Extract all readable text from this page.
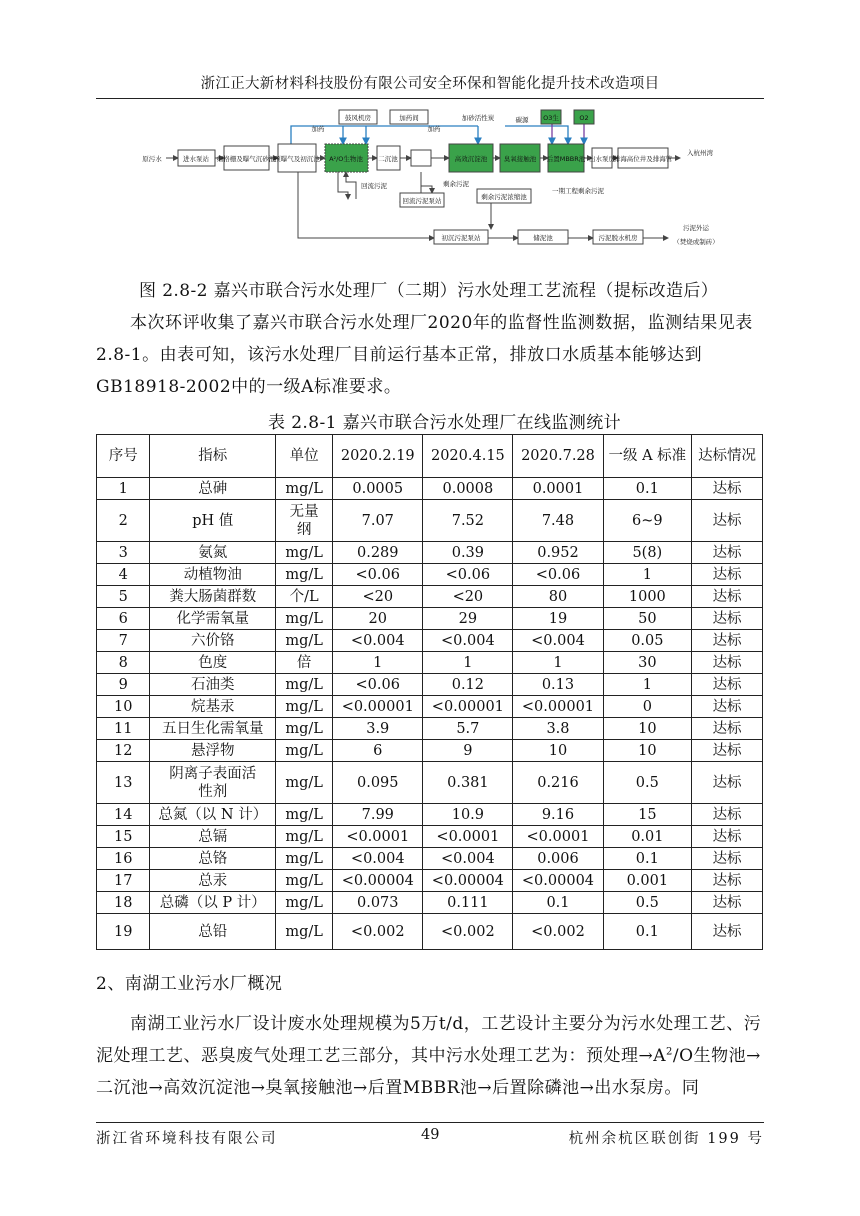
浙江正大新材料科技股份有限公司安全环保和智能化提升技术改造项目
原污水	进水泵站 细格栅及曝气沉砂池 预曝气及初沉池 A²/O生物池 二沉池	高效沉淀池	臭氧接触池 后置MBBR池 出水泵房
排海高位井及排海管
入杭州湾
鼓风机房	加药间
加药	加药
加砂活性炭	碳源 O3生	O2
回流污泥
回流污泥泵站
剩余污泥
剩余污泥浓缩池
一期工程剩余污泥
初沉污泥泵站	储泥池	污泥脱水机房
污泥外运
（焚烧或制砖）
图 2.8-2 嘉兴市联合污水处理厂（二期）污水处理工艺流程（提标改造后）
本次环评收集了嘉兴市联合污水处理厂2020年的监督性监测数据，监测结果见表2.8-1。由表可知，该污水处理厂目前运行基本正常，排放口水质基本能够达到GB18918-2002中的一级A标准要求。
表 2.8-1 嘉兴市联合污水处理厂在线监测统计
序号	指标	单位	2020.2.19	2020.4.15	2020.7.28	一级 A 标准	达标情况
1	总砷	mg/L	0.0005	0.0008	0.0001	0.1	达标
2	pH 值	无量纲	7.07	7.52	7.48	6~9	达标
3	氨氮	mg/L	0.289	0.39	0.952	5(8)	达标
4	动植物油	mg/L	<0.06	<0.06	<0.06	1	达标
5	粪大肠菌群数	个/L	<20	<20	80	1000	达标
6	化学需氧量	mg/L	20	29	19	50	达标
7	六价铬	mg/L	<0.004	<0.004	<0.004	0.05	达标
8	色度	倍	1	1	1	30	达标
9	石油类	mg/L	<0.06	0.12	0.13	1	达标
10	烷基汞	mg/L	<0.00001	<0.00001	<0.00001	0	达标
11	五日生化需氧量	mg/L	3.9	5.7	3.8	10	达标
12	悬浮物	mg/L	6	9	10	10	达标
13	阴离子表面活性剂	mg/L	0.095	0.381	0.216	0.5	达标
14	总氮（以 N 计）	mg/L	7.99	10.9	9.16	15	达标
15	总镉	mg/L	<0.0001	<0.0001	<0.0001	0.01	达标
16	总铬	mg/L	<0.004	<0.004	0.006	0.1	达标
17	总汞	mg/L	<0.00004	<0.00004	<0.00004	0.001	达标
18	总磷（以 P 计）	mg/L	0.073	0.111	0.1	0.5	达标
19	总铅	mg/L	<0.002	<0.002	<0.002	0.1	达标
2、南湖工业污水厂概况
南湖工业污水厂设计废水处理规模为5万t/d，工艺设计主要分为污水处理工艺、污泥处理工艺、恶臭废气处理工艺三部分，其中污水处理工艺为：预处理$\to A^2/O$生物池→二沉池→高效沉淀池→臭氧接触池→后置MBBR池→后置除磷池→出水泵房。同
浙江省环境科技有限公司	49	杭州余杭区联创街 199 号
